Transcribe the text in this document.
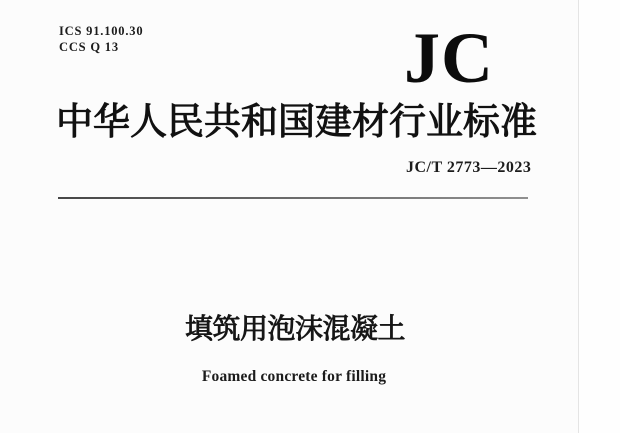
ICS 91.100.30
CCS Q 13	JC
中华人民共和国建材行业标准
JC/T 2773—2023
填筑用泡沫混凝土
Foamed concrete for filling
